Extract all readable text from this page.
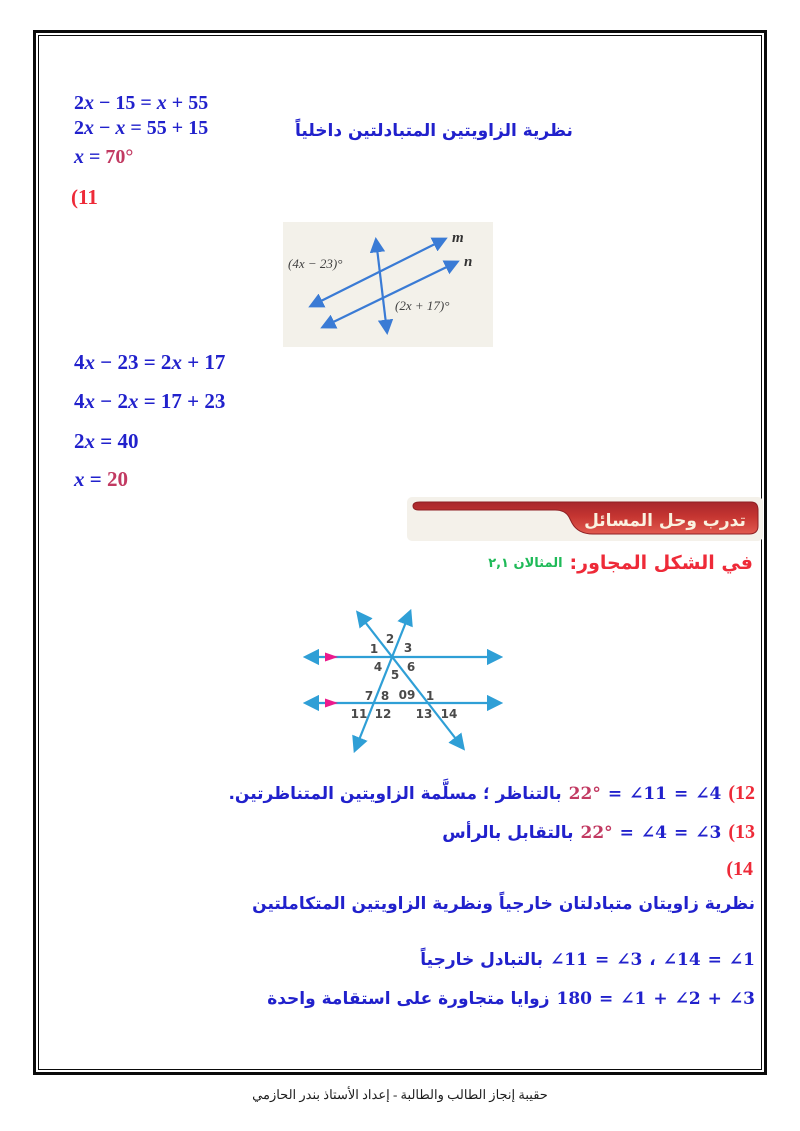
2x − 15 = x + 55
2x − x = 55 + 15	نظرية الزاويتين المتبادلتين داخلياً
x = 70°
(11
m
n
(4x − 23)°
(2x + 17)°
4x − 23 = 2x + 17
4x − 2x = 17 + 23
2x = 40
x = 20
تدرب وحل المسائل
في الشكل المجاور:
المثالان ٢,١
1
2
3
4
5
6
7 8 09 1
11 12 13 14
(12
∠4
=
∠11
=
22°
بالتناظر ؛ مسلَّمة الزاويتين المتناظرتين.
(13
∠3
=
∠4
=
22°
بالتقابل بالرأس
(14
نظرية زاويتان متبادلتان خارجياً ونظرية الزاويتين المتكاملتين
∠1
=
∠14
،
∠3
=
∠11
بالتبادل خارجياً
∠3
+
∠2
+
∠1
=
180
زوايا متجاورة على استقامة واحدة
حقيبة إنجاز الطالب والطالبة - إعداد الأستاذ بندر الحازمي
